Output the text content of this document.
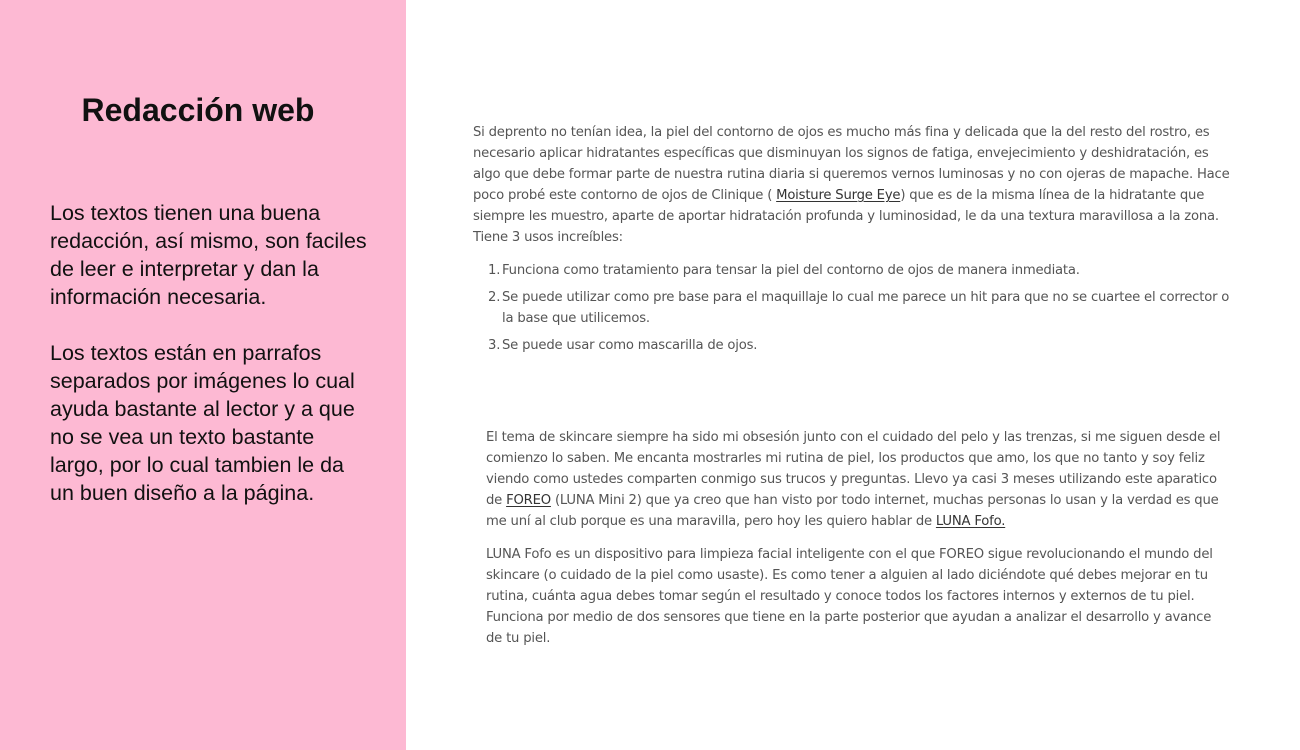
Redacción web

Los textos tienen una buena redacción, así mismo, son faciles de leer e interpretar y dan la información necesaria.

Los textos están en parrafos separados por imágenes lo cual ayuda bastante al lector y a que no se vea un texto bastante largo, por lo cual tambien le da un buen diseño a la página.

Si deprento no tenían idea, la piel del contorno de ojos es mucho más fina y delicada que la del resto del rostro, es necesario aplicar hidratantes específicas que disminuyan los signos de fatiga, envejecimiento y deshidratación, es algo que debe formar parte de nuestra rutina diaria si queremos vernos luminosas y no con ojeras de mapache. Hace poco probé este contorno de ojos de Clinique ( Moisture Surge Eye) que es de la misma línea de la hidratante que siempre les muestro, aparte de aportar hidratación profunda y luminosidad, le da una textura maravillosa a la zona. Tiene 3 usos increíbles:

1. Funciona como tratamiento para tensar la piel del contorno de ojos de manera inmediata.
2. Se puede utilizar como pre base para el maquillaje lo cual me parece un hit para que no se cuartee el corrector o la base que utilicemos.
3. Se puede usar como mascarilla de ojos.

El tema de skincare siempre ha sido mi obsesión junto con el cuidado del pelo y las trenzas, si me siguen desde el comienzo lo saben. Me encanta mostrarles mi rutina de piel, los productos que amo, los que no tanto y soy feliz viendo como ustedes comparten conmigo sus trucos y preguntas. Llevo ya casi 3 meses utilizando este aparatico de FOREO (LUNA Mini 2) que ya creo que han visto por todo internet, muchas personas lo usan y la verdad es que me uní al club porque es una maravilla, pero hoy les quiero hablar de LUNA Fofo.

LUNA Fofo es un dispositivo para limpieza facial inteligente con el que FOREO sigue revolucionando el mundo del skincare (o cuidado de la piel como usaste). Es como tener a alguien al lado diciéndote qué debes mejorar en tu rutina, cuánta agua debes tomar según el resultado y conoce todos los factores internos y externos de tu piel. Funciona por medio de dos sensores que tiene en la parte posterior que ayudan a analizar el desarrollo y avance de tu piel.
